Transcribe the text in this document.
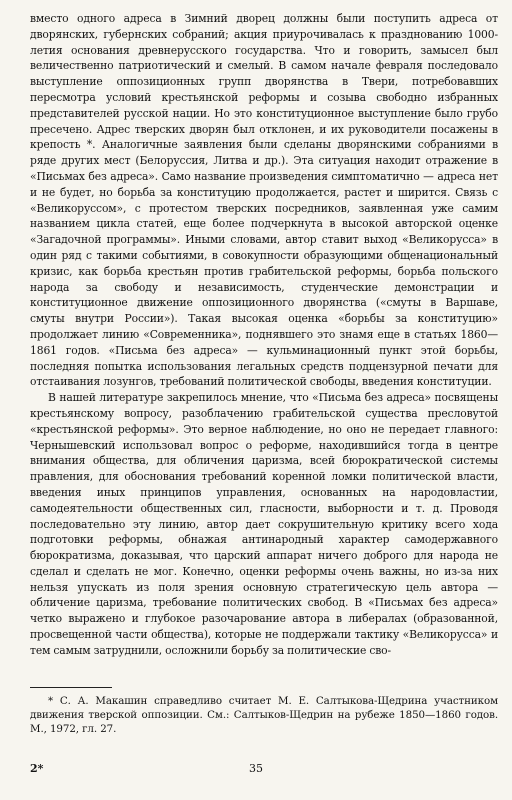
вместо одного адреса в Зимний дворец должны были поступить адреса от дворянских, губернских собраний; акция приурочивалась к празднованию 1000-летия основания древнерусского государства. Что и говорить, замысел был величественно патриотический и смелый. В самом начале февраля последовало выступление оппозиционных групп дворянства в Твери, потребовавших пересмотра условий крестьянской реформы и созыва свободно избранных представителей русской нации. Но это конституционное выступление было грубо пресечено. Адрес тверских дворян был отклонен, и их руководители посажены в крепость *. Аналогичные заявления были сделаны дворянскими собраниями в ряде других мест (Белоруссия, Литва и др.). Эта ситуация находит отражение в «Письмах без адреса». Само название произведения симптоматично — адреса нет и не будет, но борьба за конституцию продолжается, растет и ширится. Связь с «Великоруссом», с протестом тверских посредников, заявленная уже самим названием цикла статей, еще более подчеркнута в высокой авторской оценке «Загадочной программы». Иными словами, автор ставит выход «Великорусса» в один ряд с такими событиями, в совокупности образующими общенациональный кризис, как борьба крестьян против грабительской реформы, борьба польского народа за свободу и независимость, студенческие демонстрации и конституционное движение оппозиционного дворянства («смуты в Варшаве, смуты внутри России»). Такая высокая оценка «борьбы за конституцию» продолжает линию «Современника», поднявшего это знамя еще в статьях 1860—1861 годов. «Письма без адреса» — кульминационный пункт этой борьбы, последняя попытка использования легальных средств подцензурной печати для отстаивания лозунгов, требований политической свободы, введения конституции.

В нашей литературе закрепилось мнение, что «Письма без адреса» посвящены крестьянскому вопросу, разоблачению грабительской существа пресловутой «крестьянской реформы». Это верное наблюдение, но оно не передает главного: Чернышевский использовал вопрос о реформе, находившийся тогда в центре внимания общества, для обличения царизма, всей бюрократической системы правления, для обоснования требований коренной ломки политической власти, введения иных принципов управления, основанных на народовластии, самодеятельности общественных сил, гласности, выборности и т. д. Проводя последовательно эту линию, автор дает сокрушительную критику всего хода подготовки реформы, обнажая антинародный характер самодержавного бюрократизма, доказывая, что царский аппарат ничего доброго для народа не сделал и сделать не мог. Конечно, оценки реформы очень важны, но из-за них нельзя упускать из поля зрения основную стратегическую цель автора — обличение царизма, требование политических свобод. В «Письмах без адреса» четко выражено и глубокое разочарование автора в либералах (образованной, просвещенной части общества), которые не поддержали тактику «Великорусса» и тем самым затруднили, осложнили борьбу за политические сво-

* С. А. Макашин справедливо считает М. Е. Салтыкова-Щедрина участником движения тверской оппозиции. См.: Салтыков-Щедрин на рубеже 1850—1860 годов. М., 1972, гл. 27.

2*	35
